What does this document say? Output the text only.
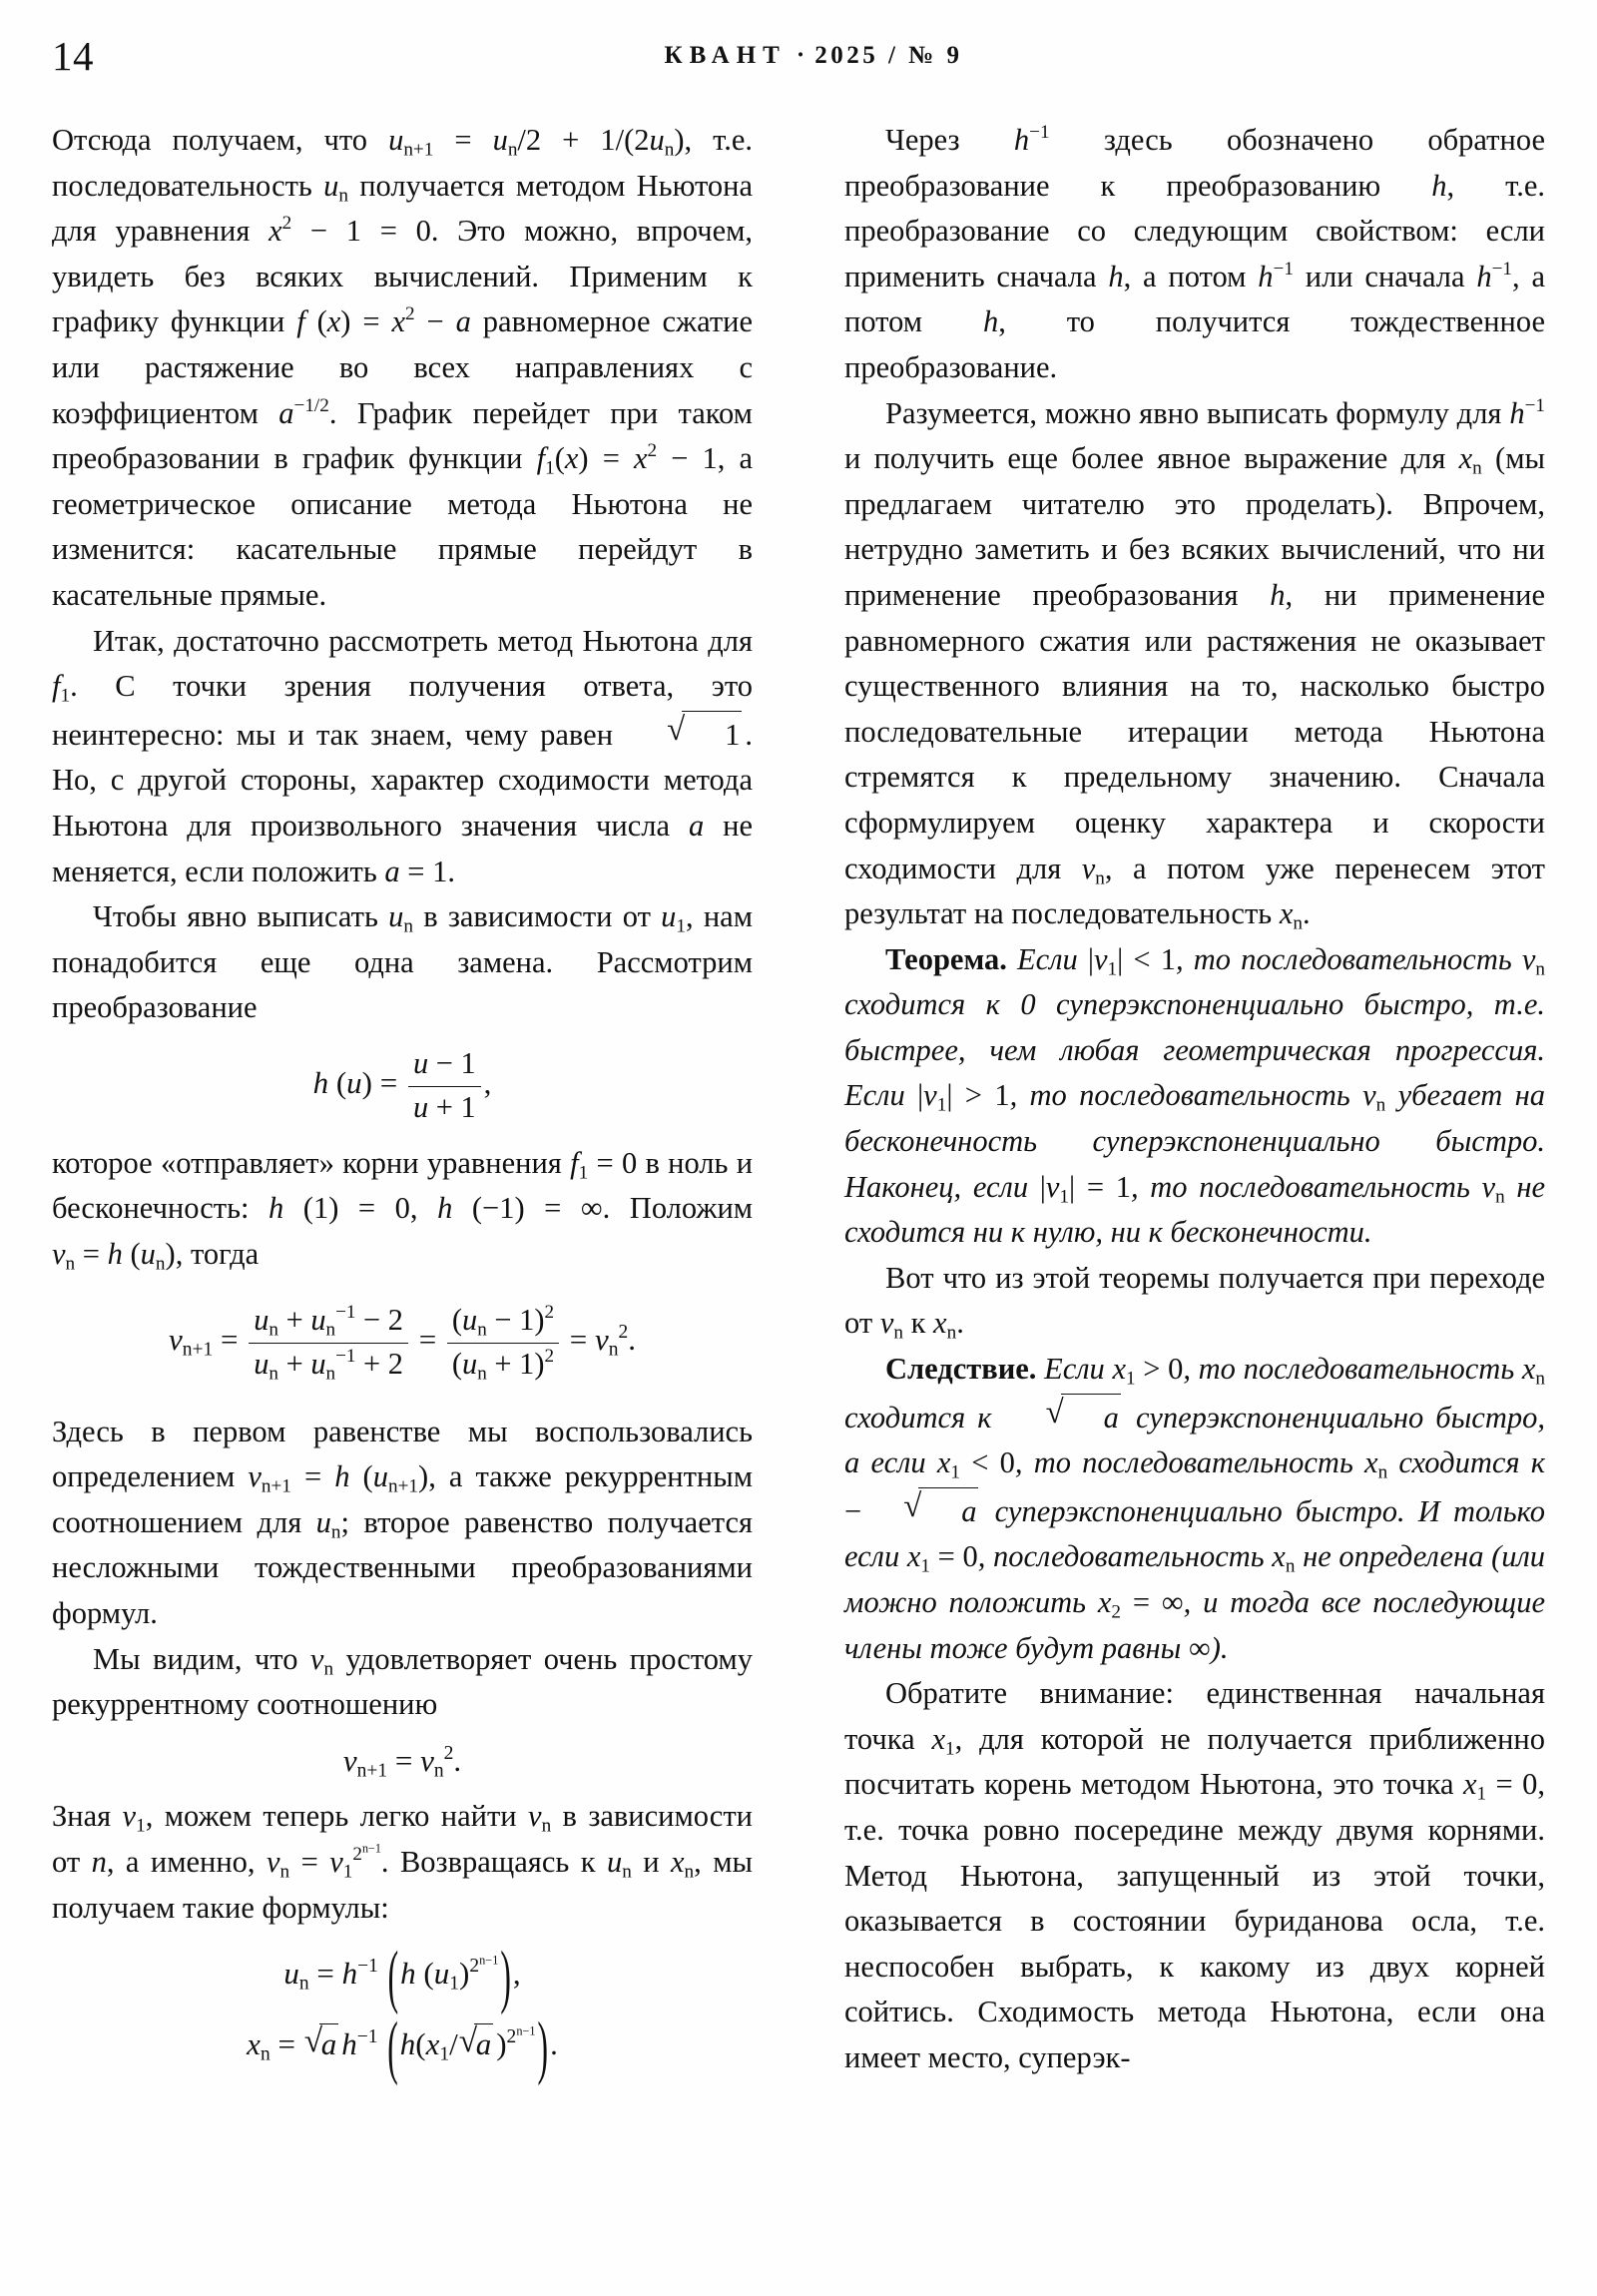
14	КВАНТ · 2025 / № 9

Отсюда получаем, что $u_{n+1} = u_n/2 + 1/(2u_n)$, т.е. последовательность $u_n$ получается методом Ньютона для уравнения $x^2 - 1 = 0$. Это можно, впрочем, увидеть без всяких вычислений. Применим к графику функции f $(x) = x^2 - a$ равномерное сжатие или растяжение во всех направлениях с коэффициентом $a^{-1/2}$. График перейдет при таком преобразовании в график функции $f_1(x) = x^2 - 1$, а геометрическое описание метода Ньютона не изменится: касательные прямые перейдут в касательные прямые.

Итак, достаточно рассмотреть метод Ньютона для $f_1$. С точки зрения получения ответа, это неинтересно: мы и так знаем, чему равен	√ 1 . Но, с другой стороны, характер сходимости метода Ньютона для произвольного значения числа a не меняется, если положить a = 1.

Чтобы явно выписать $u_n$ в зависимости от $u_1$, нам понадобится еще одна замена. Рассмотрим преобразование

h $(u) = \frac{u - 1}{u + 1}$ ,

которое «отправляет» корни уравнения $f_1 = 0$ в ноль и бесконечность: h (1) = 0, h (−1) = ∞. Положим $v_n = h$ $(u_n)$, тогда

$v_{n+1} = \frac{u_n + u_n^{-1} - 2}{u_n + u_n^{-1} + 2} = \frac{(u_n - 1)^2}{(u_n + 1)^2} = v_n^2$.

Здесь в первом равенстве мы воспользовались определением $v_{n+1} = h$ $(u_{n+1})$, а также рекуррентным соотношением для $u_n$; второе равенство получается несложными тождественными преобразованиями формул.

Мы видим, что $v_n$ удовлетворяет очень простому рекуррентному соотношению

$v_{n+1} = v_n^2$.

Зная $v_1$, можем теперь легко найти $v_n$ в зависимости от n, а именно, $v_n = v_1^{2^{n-1}}$. Возвращаясь к $u_n$ и $x_n$, мы получаем такие формулы:

$u_n = h^{-1}$ (h $(u_1)^{2^{n-1}}$),
$x_n$ = √ a $h^{-1}$ ($h(x_1/$ √ a )$^{2^{n-1}}$).

Через $h^{-1}$ здесь обозначено обратное преобразование к преобразованию h, т.е. преобразование со следующим свойством: если применить сначала h, а потом $h^{-1}$ или сначала $h^{-1}$, а потом h, то получится тождественное преобразование.

Разумеется, можно явно выписать формулу для $h^{-1}$ и получить еще более явное выражение для $x_n$ (мы предлагаем читателю это проделать). Впрочем, нетрудно заметить и без всяких вычислений, что ни применение преобразования h, ни применение равномерного сжатия или растяжения не оказывает существенного влияния на то, насколько быстро последовательные итерации метода Ньютона стремятся к предельному значению. Сначала сформулируем оценку характера и скорости сходимости для $v_n$, а потом уже перенесем этот результат на последовательность $x_n$.

Теорема. Если $|v_1| < 1$, то последовательность $v_n$ сходится к 0 суперэкспоненциально быстро, т.е. быстрее, чем любая геометрическая прогрессия. Если $|v_1| > 1$, то последовательность $v_n$ убегает на бесконечность суперэкспоненциально быстро. Наконец, если $|v_1| = 1$, то последовательность $v_n$ не сходится ни к нулю, ни к бесконечности.

Вот что из этой теоремы получается при переходе от $v_n$ к $x_n$.

Следствие. Если $x_1 > 0$, то последовательность $x_n$ сходится к	√ a суперэкспоненциально быстро, а если $x_1 < 0$, то последовательность $x_n$ сходится к −	√ a суперэкспоненциально быстро. И только если $x_1 = 0$, последовательность $x_n$ не определена (или можно положить $x_2$ = ∞, и тогда все последующие члены тоже будут равны ∞).

Обратите внимание: единственная начальная точка $x_1$, для которой не получается приближенно посчитать корень методом Ньютона, это точка $x_1 = 0$, т.е. точка ровно посередине между двумя корнями. Метод Ньютона, запущенный из этой точки, оказывается в состоянии буриданова осла, т.е. неспособен выбрать, к какому из двух корней сойтись. Сходимость метода Ньютона, если она имеет место, суперэк-
